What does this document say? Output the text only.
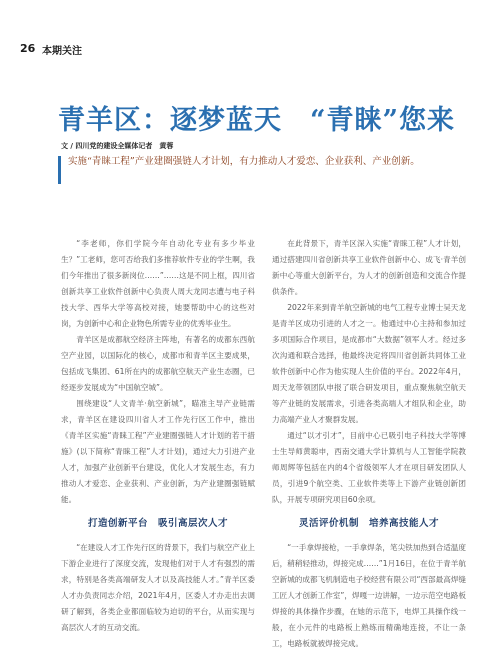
26 本期关注
青羊区：逐梦蓝天　“青睐”您来
文 / 四川党的建设全媒体记者　黄蓉

实施“青睐工程”产业建圈强链人才计划，有力推动人才爱恋、企业获利、产业创新。

“李老师，你们学院今年自动化专业有多少毕业生？”工老师，您可否给我们多推荐软件专业的学生啊，我们今年推出了很多新岗位……”……这是不同上框，四川省创新共享工业软件创新中心负责人周大龙同志遭与电子科技大学、西华大学等高校对接，她要帮助中心的这些对岗，为创新中心和企业物色所需专业的优秀毕业生。

青羊区是成都航空经济主阵地，有著名的成都东西航空产业园，以国际化的核心，成都市和青羊区主要成果，包括成飞集团、61所在内的成都航空航天产业生态圈，已经逐步发展成为“中国航空城”。

围绕建设“人文青羊·航空新城”，瞄准主导产业链需求，青羊区在建设四川省人才工作先行区工作中，推出《青羊区实施“青睐工程”产业建圈强链人才计划的若干措施》(以下简称“青睐工程”人才计划)，通过大力引进产业人才，加强产业创新平台建设，优化人才发展生态，有力推动人才爱恋、企业获利、产业创新，为产业建圈强链赋能。

打造创新平台　吸引高层次人才

“在建设人才工作先行区的背景下，我们与航空产业上下游企业进行了深度交流，发现他们对于人才有强烈的需求，特别是各类高端研发人才以及高技能人才。”青羊区委人才办负责同志介绍，2021年4月，区委人才办走出去调研了解到，各类企业都面临较为迫切的平台，从而实现与高层次人才的互动交流。

在此背景下，青羊区深入实施“青睐工程”人才计划，通过搭建四川省创新共享工业软件创新中心、成飞·青羊创新中心等重大创新平台，为人才的创新创造和交流合作提供条件。

2022年来到青羊航空新城的电气工程专业博士吴天龙是青羊区成功引进的人才之一。他通过中心主持和参加过多项国际合作项目，是成都市“大数据”领军人才。经过多次沟通和联合选择，他最终决定将四川省创新共同体工业软件创新中心作为他实现人生价值的平台。2022年4月，周天龙带领团队申报了联合研发项目，重点聚焦航空航天等产业链的发展需求，引进各类高端人才组队和企业，助力高端产业人才聚群发展。

通过“以才引才”，目前中心已吸引电子科技大学等博士生导师黄聪申，西南交通大学计算机与人工智能学院教师周辉等包括在内的4个省级领军人才在项目研发团队人员，引进9个航空类、工业软件类等上下游产业链创新团队，开展专项研究项目60余项。

灵活评价机制　培养高技能人才

“一手拿焊接枪，一手拿焊条，笔尖铁加热到合适温度后，稍稍轻推动，焊接完成……”1月16日，在位于青羊航空新城的成都飞机制造电子校经营有限公司“西部最高焊缝工匠人才创新工作室”，焊嘎一边讲解，一边示范空电路板焊接的具体操作步骤，在她的示范下，电焊工具操作线一般，在小元件的电路板上熟练而精确地连接，不让一条工，电路板就被焊接完成。
